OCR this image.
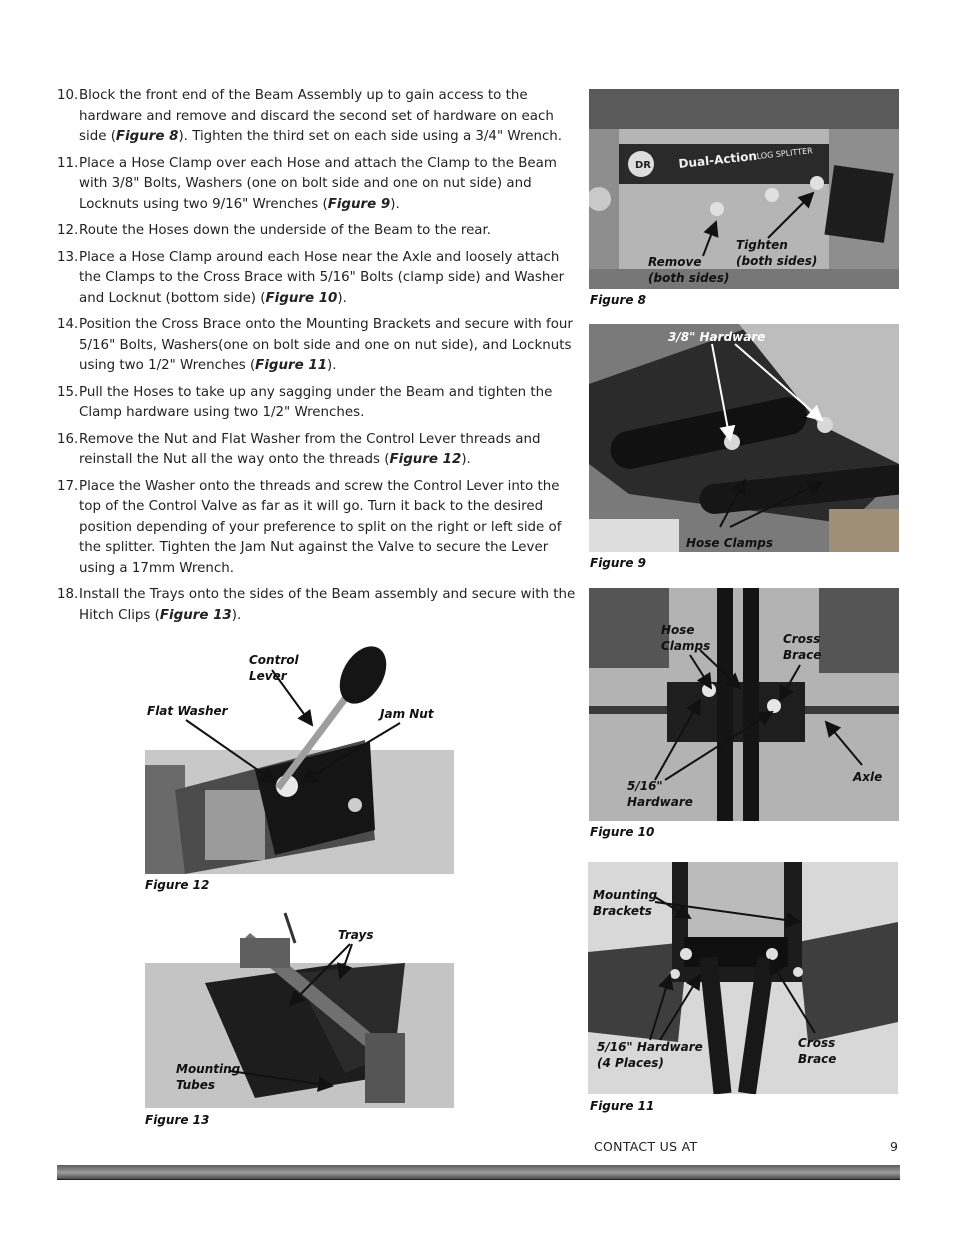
10. Block the front end of the Beam Assembly up to gain access to the hardware and remove and discard the second set of hardware on each side (Figure 8). Tighten the third set on each side using a 3/4" Wrench.
11. Place a Hose Clamp over each Hose and attach the Clamp to the Beam with 3/8" Bolts, Washers (one on bolt side and one on nut side) and Locknuts using two 9/16" Wrenches (Figure 9).
12. Route the Hoses down the underside of the Beam to the rear.
13. Place a Hose Clamp around each Hose near the Axle and loosely attach the Clamps to the Cross Brace with 5/16" Bolts (clamp side) and Washer and Locknut (bottom side) (Figure 10).
14. Position the Cross Brace onto the Mounting Brackets and secure with four 5/16" Bolts, Washers(one on bolt side and one on nut side), and Locknuts using two 1/2" Wrenches (Figure 11).
15. Pull the Hoses to take up any sagging under the Beam and tighten the Clamp hardware using two 1/2" Wrenches.
16. Remove the Nut and Flat Washer from the Control Lever threads and reinstall the Nut all the way onto the threads (Figure 12).
17. Place the Washer onto the threads and screw the Control Lever into the top of the Control Valve as far as it will go. Turn it back to the desired position depending of your preference to split on the right or left side of the splitter. Tighten the Jam Nut against the Valve to secure the Lever using a 17mm Wrench.
18. Install the Trays onto the sides of the Beam assembly and secure with the Hitch Clips (Figure 13).
DR Dual-Action
LOG SPLITTER
Remove
(both sides)
Tighten
(both sides)
Figure 8
3/8" Hardware
Hose Clamps
Figure 9
Hose
Clamps	Cross
Brace
Axle
5/16"
Hardware
Figure 10
Mounting
Brackets
5/16" Hardware
(4 Places)
Cross
Brace
Figure 11
Control
Lever
Flat Washer	Jam Nut
Figure 12
Trays
Mounting
Tubes
Figure 13
CONTACT US AT	9
